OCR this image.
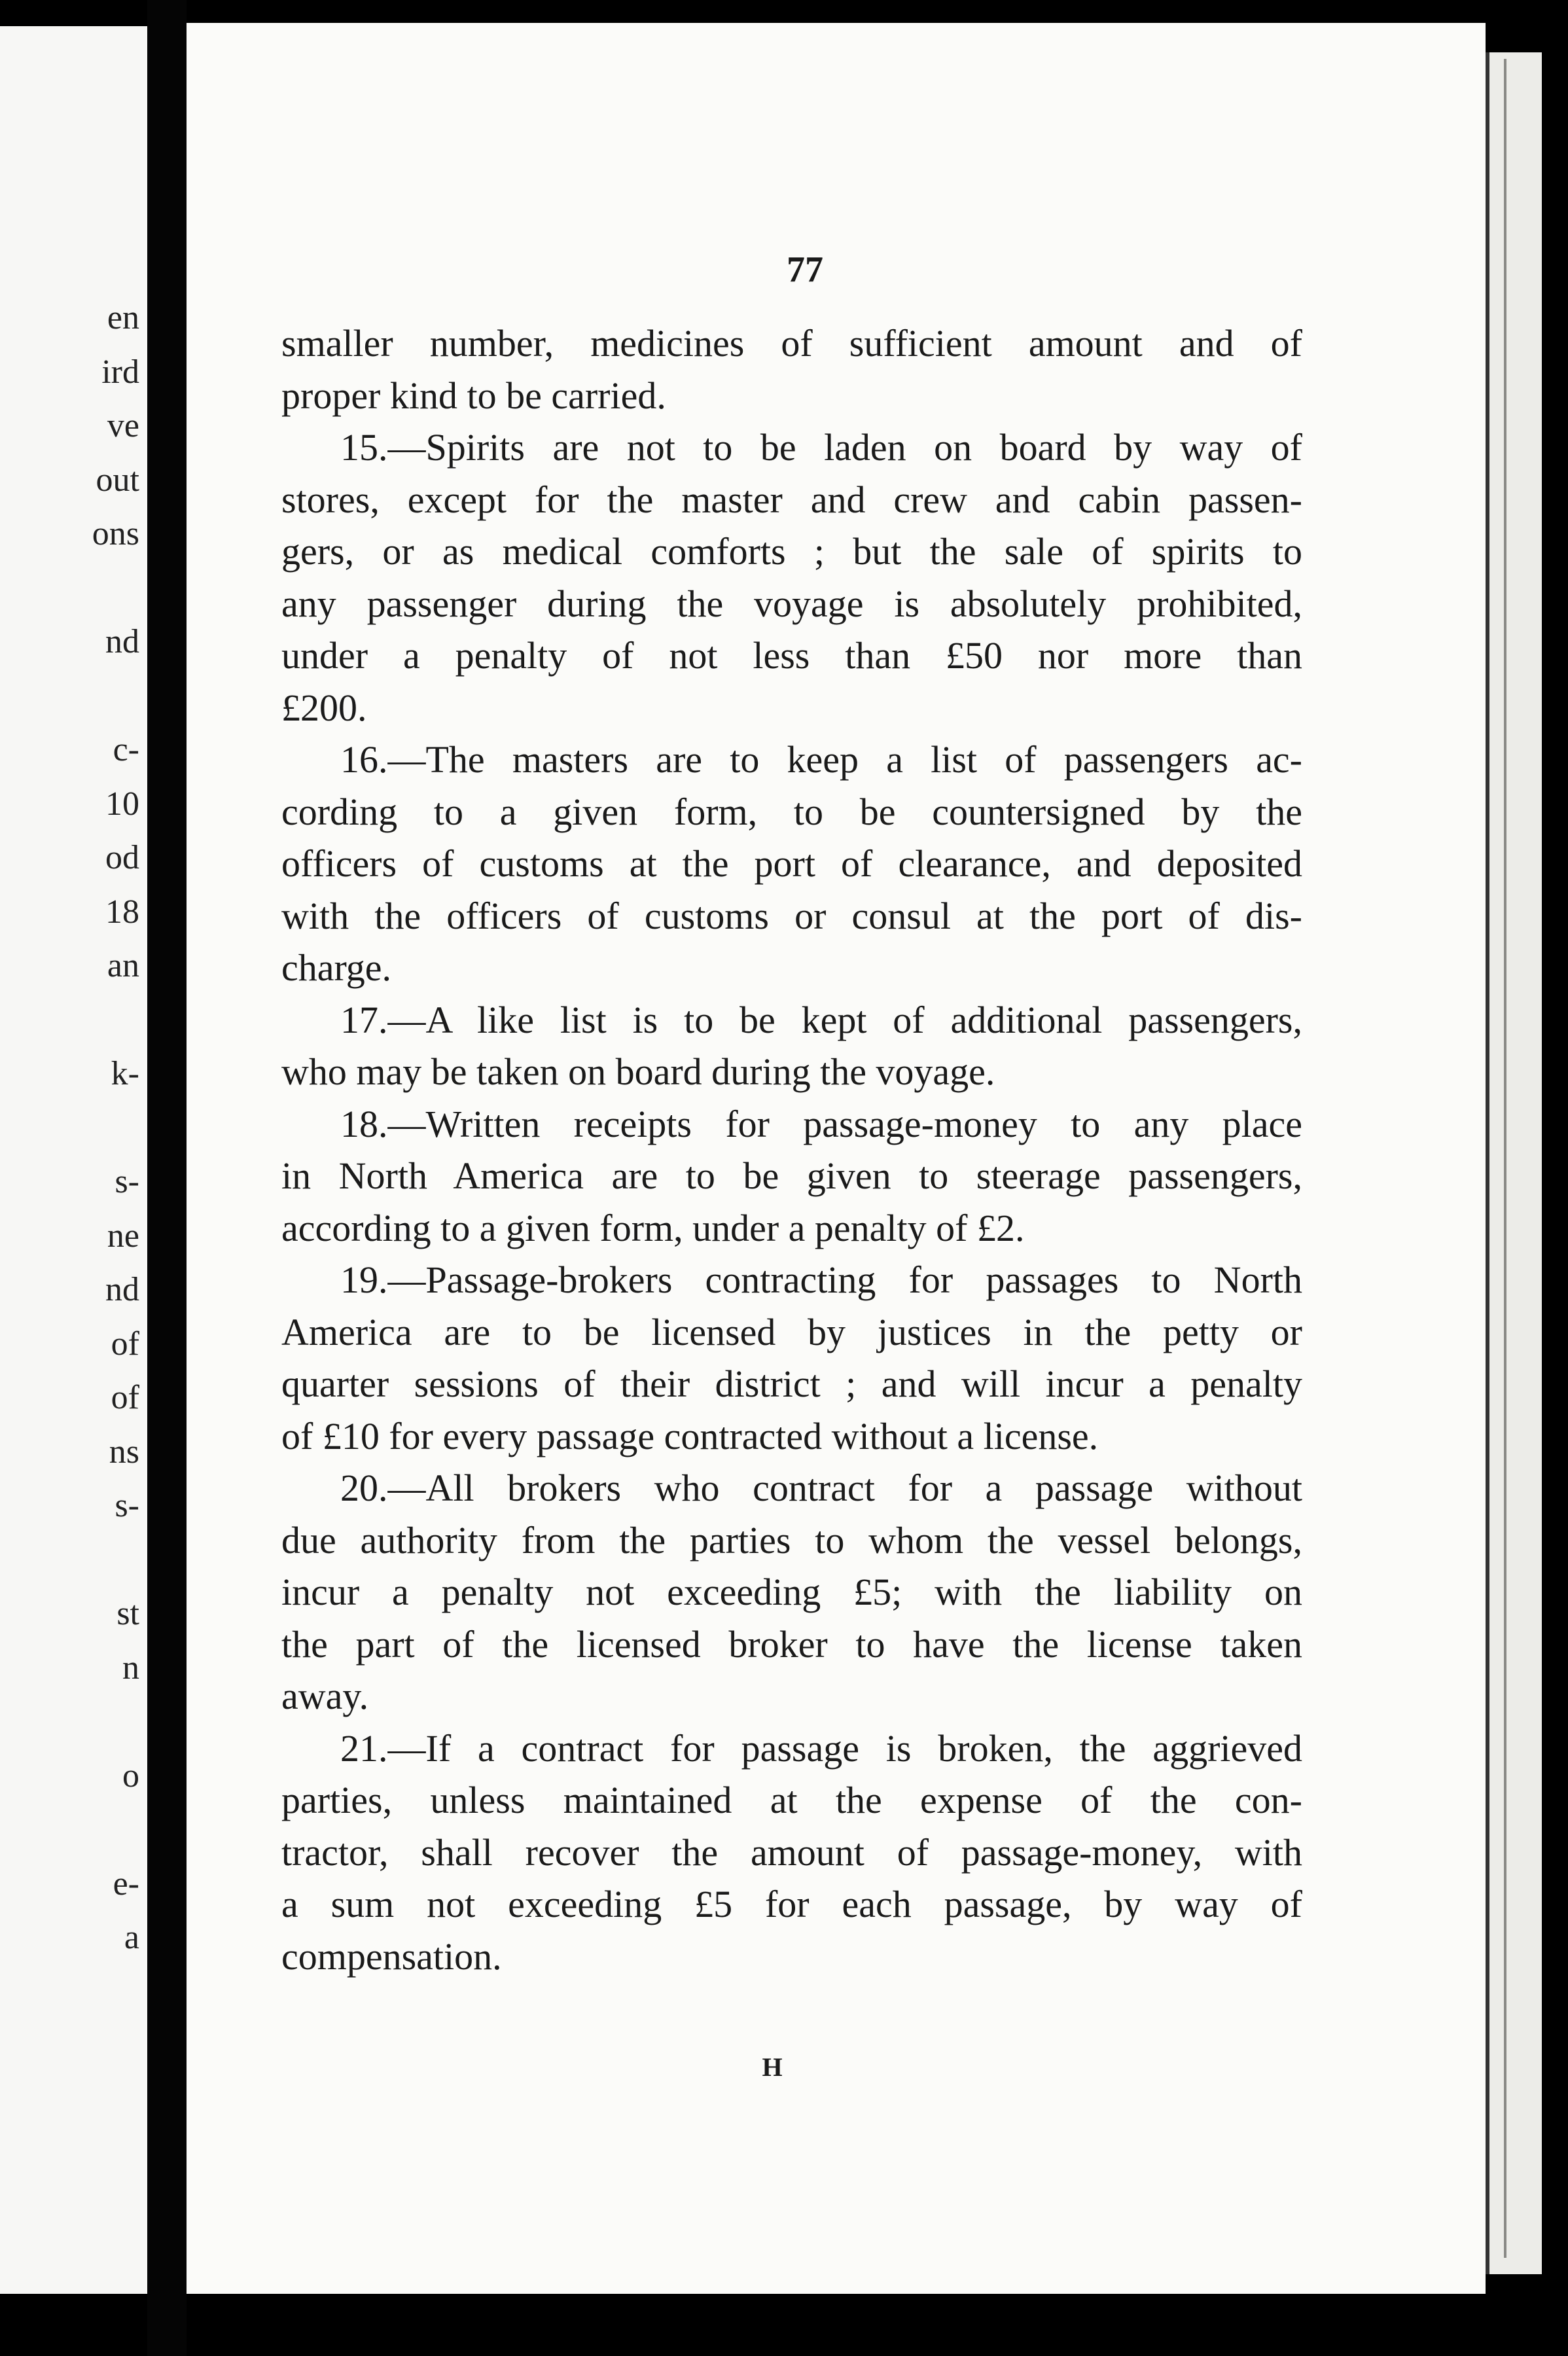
en
ird
ve
out
ons
nd
c-
10
od
18
an
k-
s-
ne
nd
of
of
ns
s-
st
n
o
e-
a
77
smaller number, medicines of sufficient amount and of
proper kind to be carried.
15.—Spirits are not to be laden on board by way of
stores, except for the master and crew and cabin passen-
gers, or as medical comforts ; but the sale of spirits to
any passenger during the voyage is absolutely prohibited,
under a penalty of not less than £50 nor more than
£200.
16.—The masters are to keep a list of passengers ac-
cording to a given form, to be countersigned by the
officers of customs at the port of clearance, and deposited
with the officers of customs or consul at the port of dis-
charge.
17.—A like list is to be kept of additional passengers,
who may be taken on board during the voyage.
18.—Written receipts for passage-money to any place
in North America are to be given to steerage passengers,
according to a given form, under a penalty of £2.
19.—Passage-brokers contracting for passages to North
America are to be licensed by justices in the petty or
quarter sessions of their district ; and will incur a penalty
of £10 for every passage contracted without a license.
20.—All brokers who contract for a passage without
due authority from the parties to whom the vessel belongs,
incur a penalty not exceeding £5; with the liability on
the part of the licensed broker to have the license taken
away.
21.—If a contract for passage is broken, the aggrieved
parties, unless maintained at the expense of the con-
tractor, shall recover the amount of passage-money, with
a sum not exceeding £5 for each passage, by way of
compensation.
H
